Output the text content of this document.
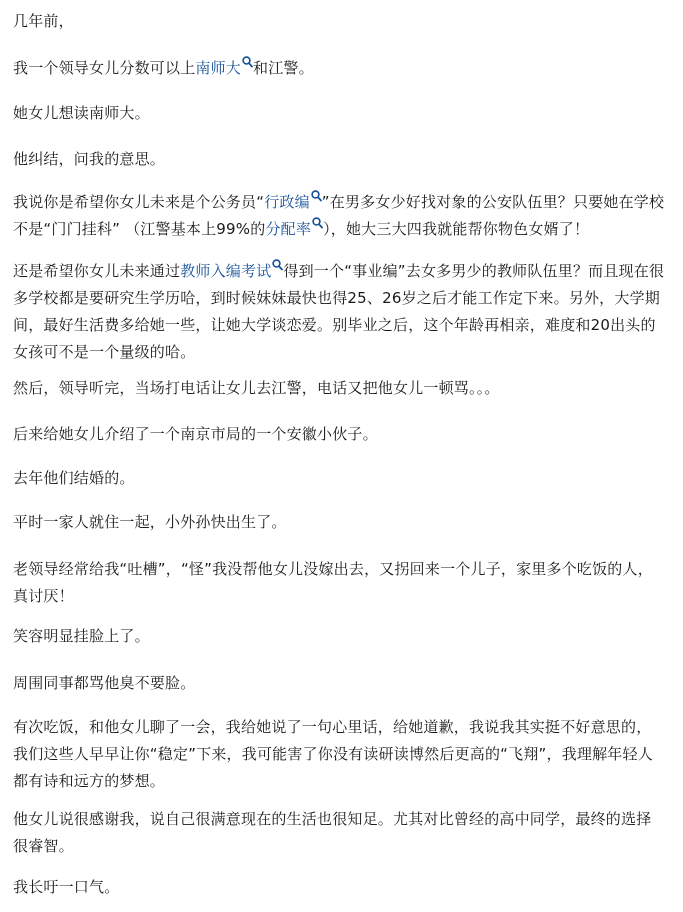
几年前，

我一个领导女儿分数可以上南师大 和江警。

她女儿想读南师大。

他纠结，问我的意思。

我说你是希望你女儿未来是个公务员“行政编 ”在男多女少好找对象的公安队伍里？只要她在学校不是“门门挂科” （江警基本上99%的分配率 ），她大三大四我就能帮你物色女婿了！

还是希望你女儿未来通过教师入编考试 得到一个“事业编”去女多男少的教师队伍里？而且现在很多学校都是要研究生学历哈，到时候妹妹最快也得25、26岁之后才能工作定下来。另外，大学期间，最好生活费多给她一些，让她大学谈恋爱。别毕业之后，这个年龄再相亲，难度和20出头的女孩可不是一个量级的哈。

然后，领导听完，当场打电话让女儿去江警，电话又把他女儿一顿骂。。。

后来给她女儿介绍了一个南京市局的一个安徽小伙子。

去年他们结婚的。

平时一家人就住一起，小外孙快出生了。

老领导经常给我“吐槽”，“怪”我没帮他女儿没嫁出去，又拐回来一个儿子，家里多个吃饭的人，真讨厌！

笑容明显挂脸上了。

周围同事都骂他臭不要脸。

有次吃饭，和他女儿聊了一会，我给她说了一句心里话，给她道歉，我说我其实挺不好意思的，我们这些人早早让你“稳定”下来，我可能害了你没有读研读博然后更高的“飞翔”，我理解年轻人都有诗和远方的梦想。

他女儿说很感谢我，说自己很满意现在的生活也很知足。尤其对比曾经的高中同学，最终的选择很睿智。

我长吁一口气。
